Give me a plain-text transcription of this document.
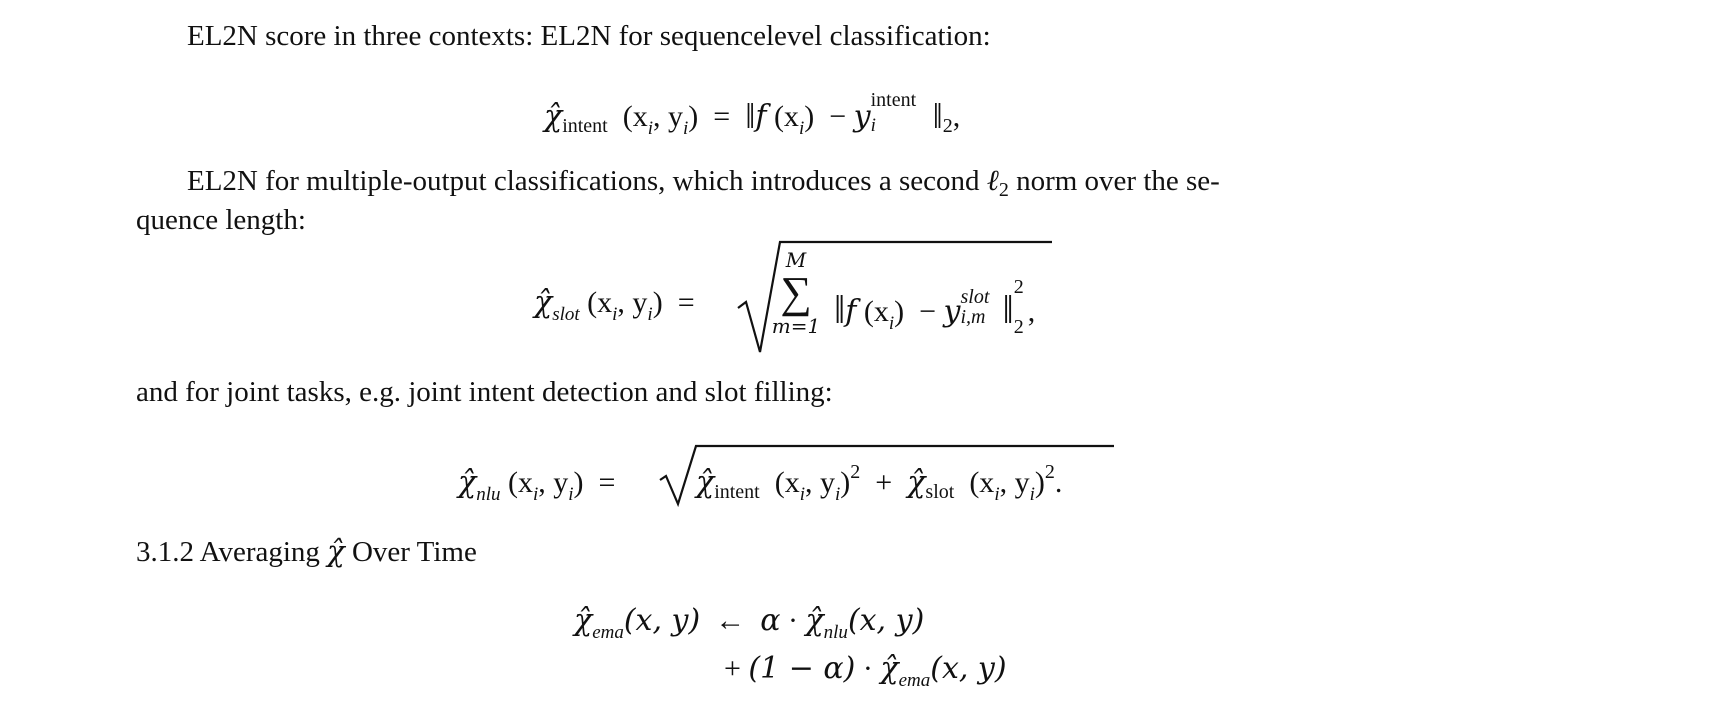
EL2N score in three contexts: EL2N for sequencelevel classification:
$\chî_{intent}$ ($x_i$, $y_i$) = ‖f $(x_i) - y$ intent
i $‖_2$,
EL2N for multiple-output classifications, which introduces a second ℓ$_2$ norm over the se-
quence length:
$\chî_{slot}$ ($x_i$, $y_i$) =
M
∑
m=1 ‖f $(x_i) - y$ slot
i,m ‖ 2
2 ,
and for joint tasks, e.g. joint intent detection and slot filling:
$\chî_{nlu}$ ($x_i$, $y_i$) =	$\chî_{intent}$ ($x_i$, $y_i)^2$ + $\chî_{slot}$ ($x_i$, $y_i)^2$.
3.1.2 Averaging χ̂ Over Time
$\chî_{ema}(x$, y) ← $\alpha \cdot \chî_{nlu}(x$, y)
+ $(1 - \alpha) \cdot \chî_{ema}(x$, y)
